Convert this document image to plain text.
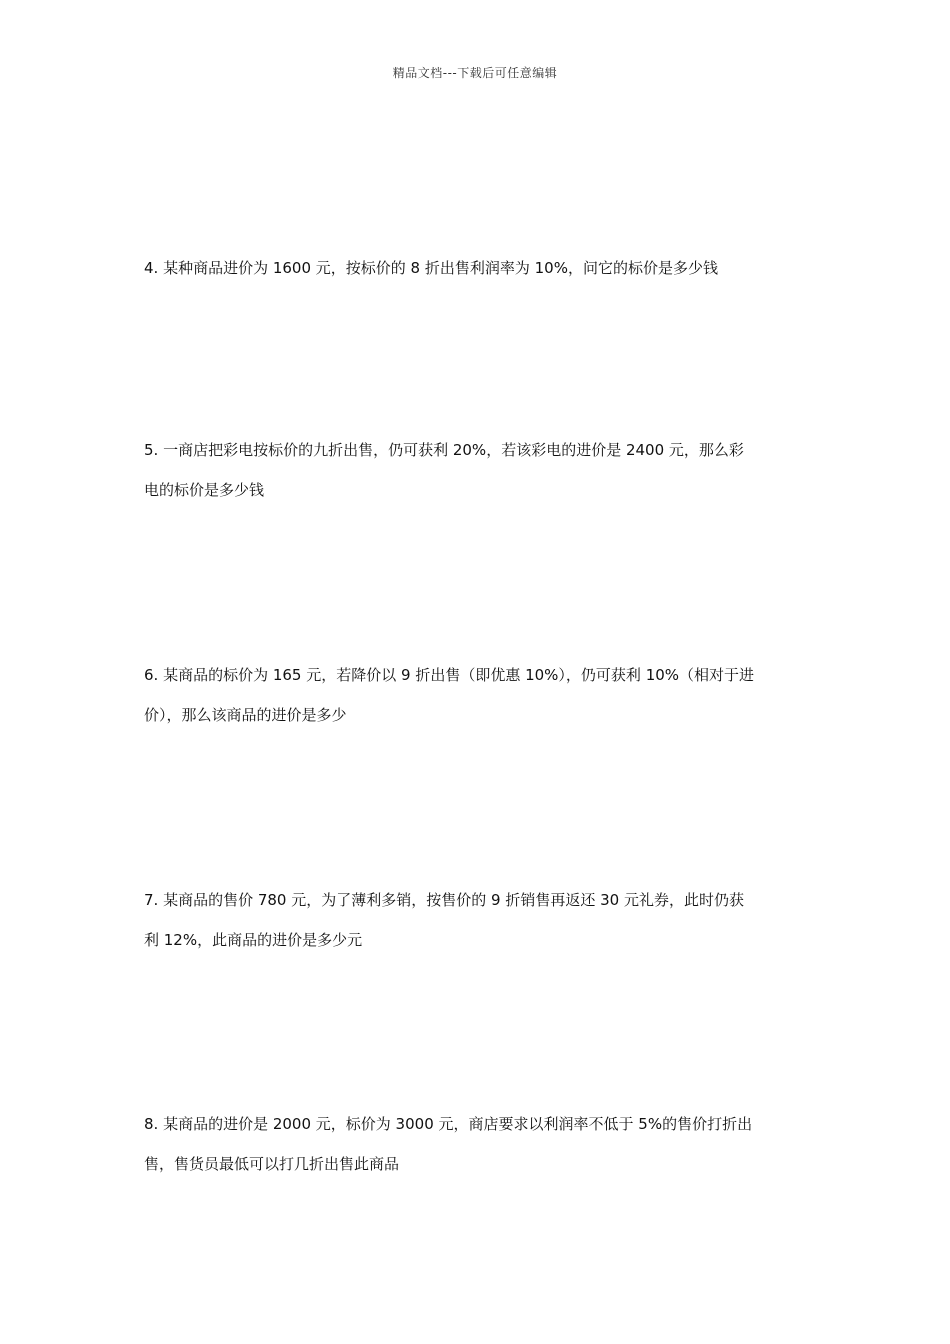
精品文档---下载后可任意编辑

4. 某种商品进价为 1600 元，按标价的 8 折出售利润率为 10%，问它的标价是多少钱

5. 一商店把彩电按标价的九折出售，仍可获利 20%，若该彩电的进价是 2400 元，那么彩

电的标价是多少钱

6. 某商品的标价为 165 元，若降价以 9 折出售（即优惠 10%），仍可获利 10%（相对于进

价），那么该商品的进价是多少

7. 某商品的售价 780 元，为了薄利多销，按售价的 9 折销售再返还 30 元礼券，此时仍获

利 12%，此商品的进价是多少元

8. 某商品的进价是 2000 元，标价为 3000 元，商店要求以利润率不低于 5%的售价打折出

售，售货员最低可以打几折出售此商品
